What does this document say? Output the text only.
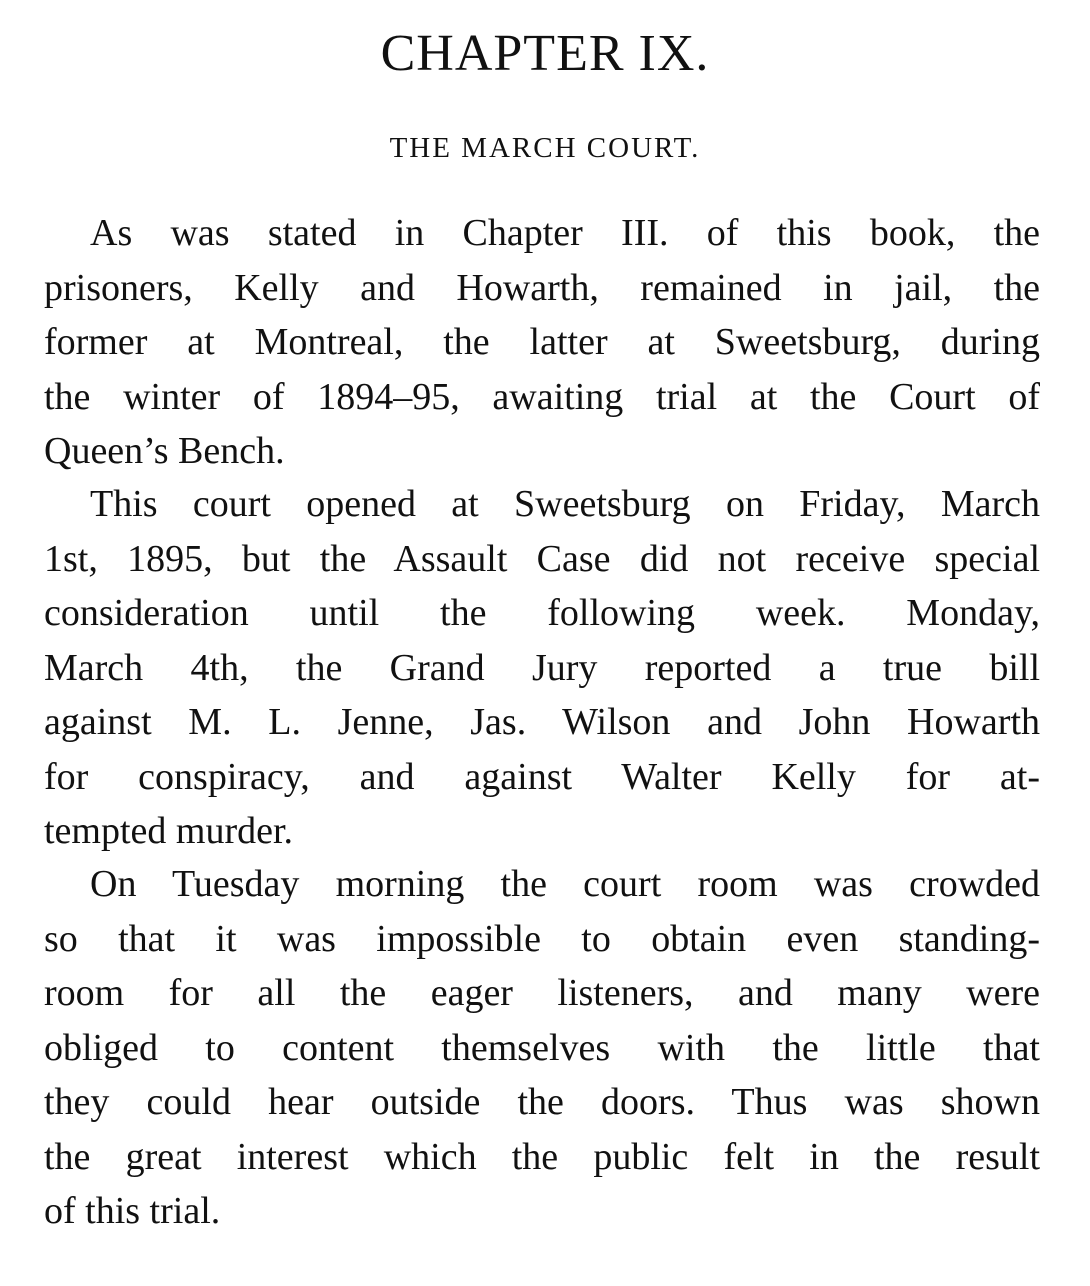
CHAPTER IX.
THE MARCH COURT.
As was stated in Chapter III. of this book, the
prisoners, Kelly and Howarth, remained in jail, the
former at Montreal, the latter at Sweetsburg, during
the winter of 1894–95, awaiting trial at the Court of
Queen’s Bench.
This court opened at Sweetsburg on Friday, March
1st, 1895, but the Assault Case did not receive special
consideration until the following week. Monday,
March 4th, the Grand Jury reported a true bill
against M. L. Jenne, Jas. Wilson and John Howarth
for conspiracy, and against Walter Kelly for at-
tempted murder.
On Tuesday morning the court room was crowded
so that it was impossible to obtain even standing-
room for all the eager listeners, and many were
obliged to content themselves with the little that
they could hear outside the doors. Thus was shown
the great interest which the public felt in the result
of this trial.
